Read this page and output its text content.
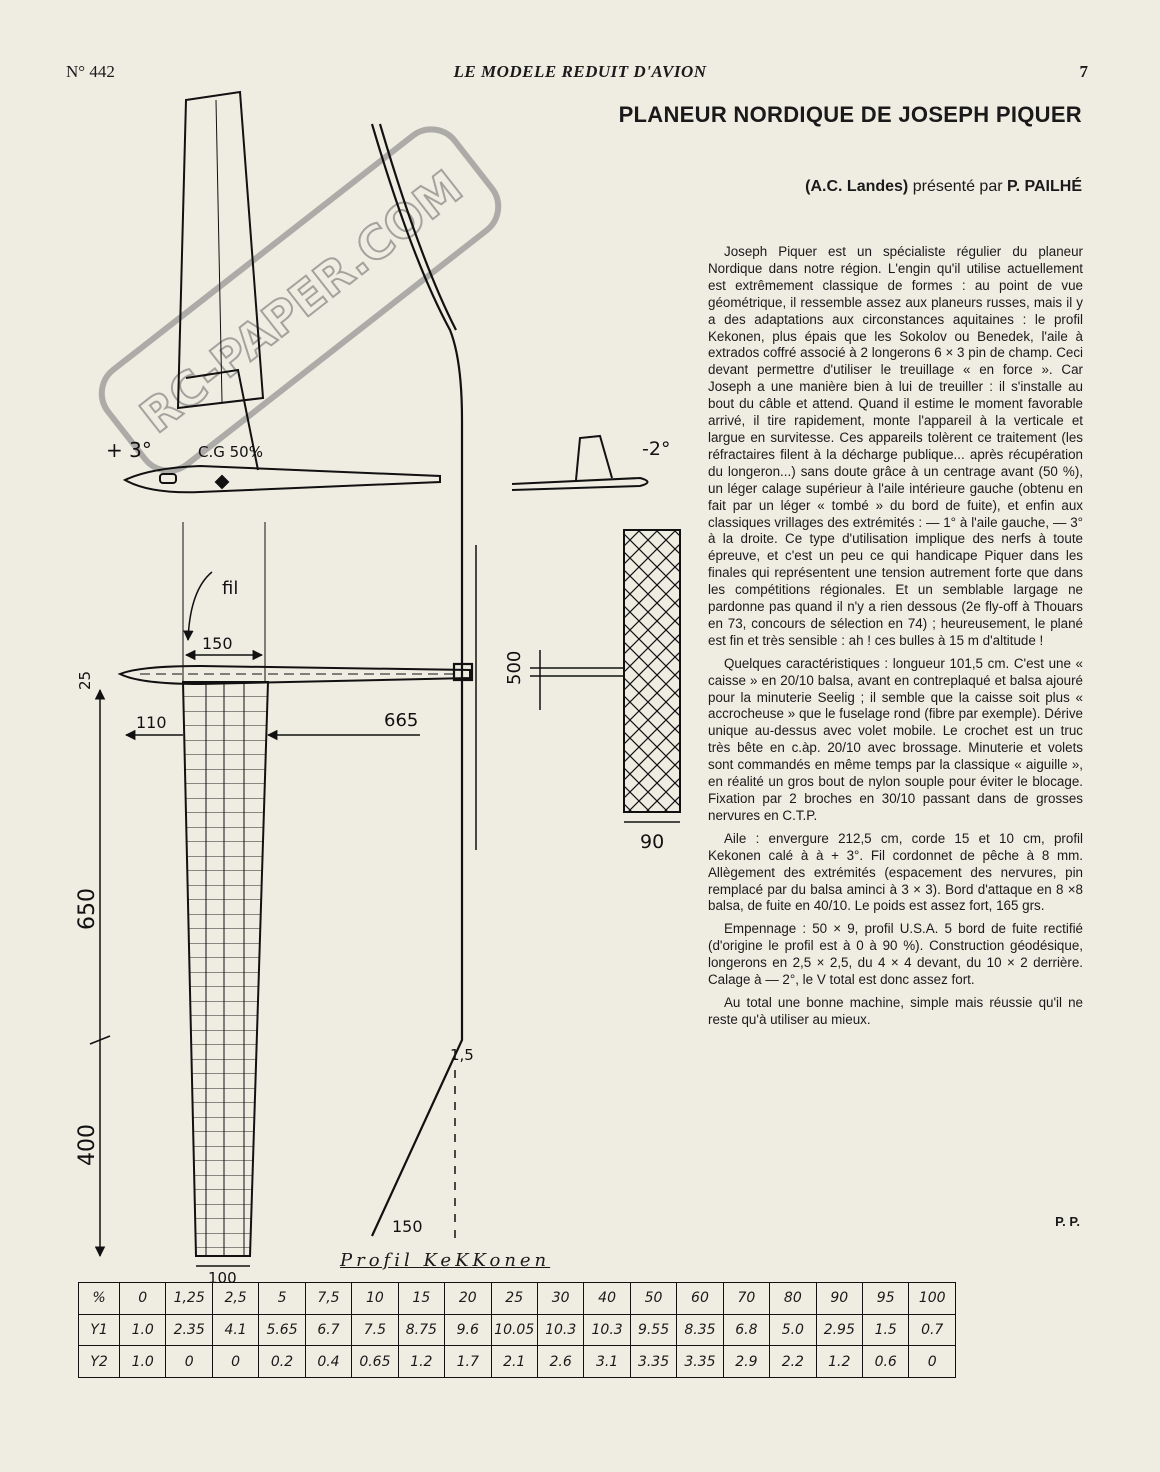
N° 442	LE MODELE REDUIT D'AVION	7
PLANEUR NORDIQUE DE JOSEPH PIQUER
(A.C. Landes) présenté par P. PAILHÉ

Joseph Piquer est un spécialiste régulier du planeur Nordique dans notre région. L'engin qu'il utilise actuellement est extrêmement classique de formes : au point de vue géométrique, il ressemble assez aux planeurs russes, mais il y a des adaptations aux circonstances aquitaines : le profil Kekonen, plus épais que les Sokolov ou Benedek, l'aile à extrados coffré associé à 2 longerons 6 × 3 pin de champ. Ceci devant permettre d'utiliser le treuillage « en force ». Car Joseph a une manière bien à lui de treuiller : il s'installe au bout du câble et attend. Quand il estime le moment favorable arrivé, il tire rapidement, monte l'appareil à la verticale et largue en survitesse. Ces appareils tolèrent ce traitement (les réfractaires filent à la décharge publique... après récupération du longeron...) sans doute grâce à un centrage avant (50 %), un léger calage supérieur à l'aile intérieure gauche (obtenu en fait par un léger « tombé » du bord de fuite), et enfin aux classiques vrillages des extrémités : — 1° à l'aile gauche, — 3° à la droite. Ce type d'utilisation implique des nerfs à toute épreuve, et c'est un peu ce qui handicape Piquer dans les finales qui représentent une tension autrement forte que dans les compétitions régionales. Et un semblable largage ne pardonne pas quand il n'y a rien dessous (2e fly-off à Thouars en 73, concours de sélection en 74) ; heureusement, le plané est fin et très sensible : ah ! ces bulles à 15 m d'altitude !

Quelques caractéristiques : longueur 101,5 cm. C'est une « caisse » en 20/10 balsa, avant en contreplaqué et balsa ajouré pour la minuterie Seelig ; il semble que la caisse soit plus « accrocheuse » que le fuselage rond (fibre par exemple). Dérive unique au-dessus avec volet mobile. Le crochet est un truc très bête en c.àp. 20/10 avec brossage. Minuterie et volets sont commandés en même temps par la classique « aiguille », en réalité un gros bout de nylon souple pour éviter le blocage. Fixation par 2 broches en 30/10 passant dans de grosses nervures en C.T.P.

Aile : envergure 212,5 cm, corde 15 et 10 cm, profil Kekonen calé à à + 3°. Fil cordonnet de pêche à 8 mm. Allègement des extrémités (espacement des nervures, pin remplacé par du balsa aminci à 3 × 3). Bord d'attaque en 8 ×8 balsa, de fuite en 40/10. Le poids est assez fort, 165 grs.

Empennage : 50 × 9, profil U.S.A. 5 bord de fuite rectifié (d'origine le profil est à 0 à 90 %). Construction géodésique, longerons en 2,5 × 2,5, du 4 × 4 devant, du 10 × 2 derrière. Calage à — 2°, le V total est donc assez fort.

Au total une bonne machine, simple mais réussie qu'il ne reste qu'à utiliser au mieux.

P. P.
RC-PAPER.COM
+ 3°	C.G 50%	-2°
1,5
150
150
25
110	665
650
400
100
fil
500
90
Profil KeKKonen
%	0	1,25	2,5	5	7,5	10	15	20	25	30	40	50	60	70	80	90	95	100
Y1	1.0	2.35	4.1	5.65	6.7	7.5	8.75	9.6	10.05	10.3	10.3	9.55	8.35	6.8	5.0	2.95	1.5	0.7
Y2	1.0	0	0	0.2	0.4	0.65	1.2	1.7	2.1	2.6	3.1	3.35	3.35	2.9	2.2	1.2	0.6	0
